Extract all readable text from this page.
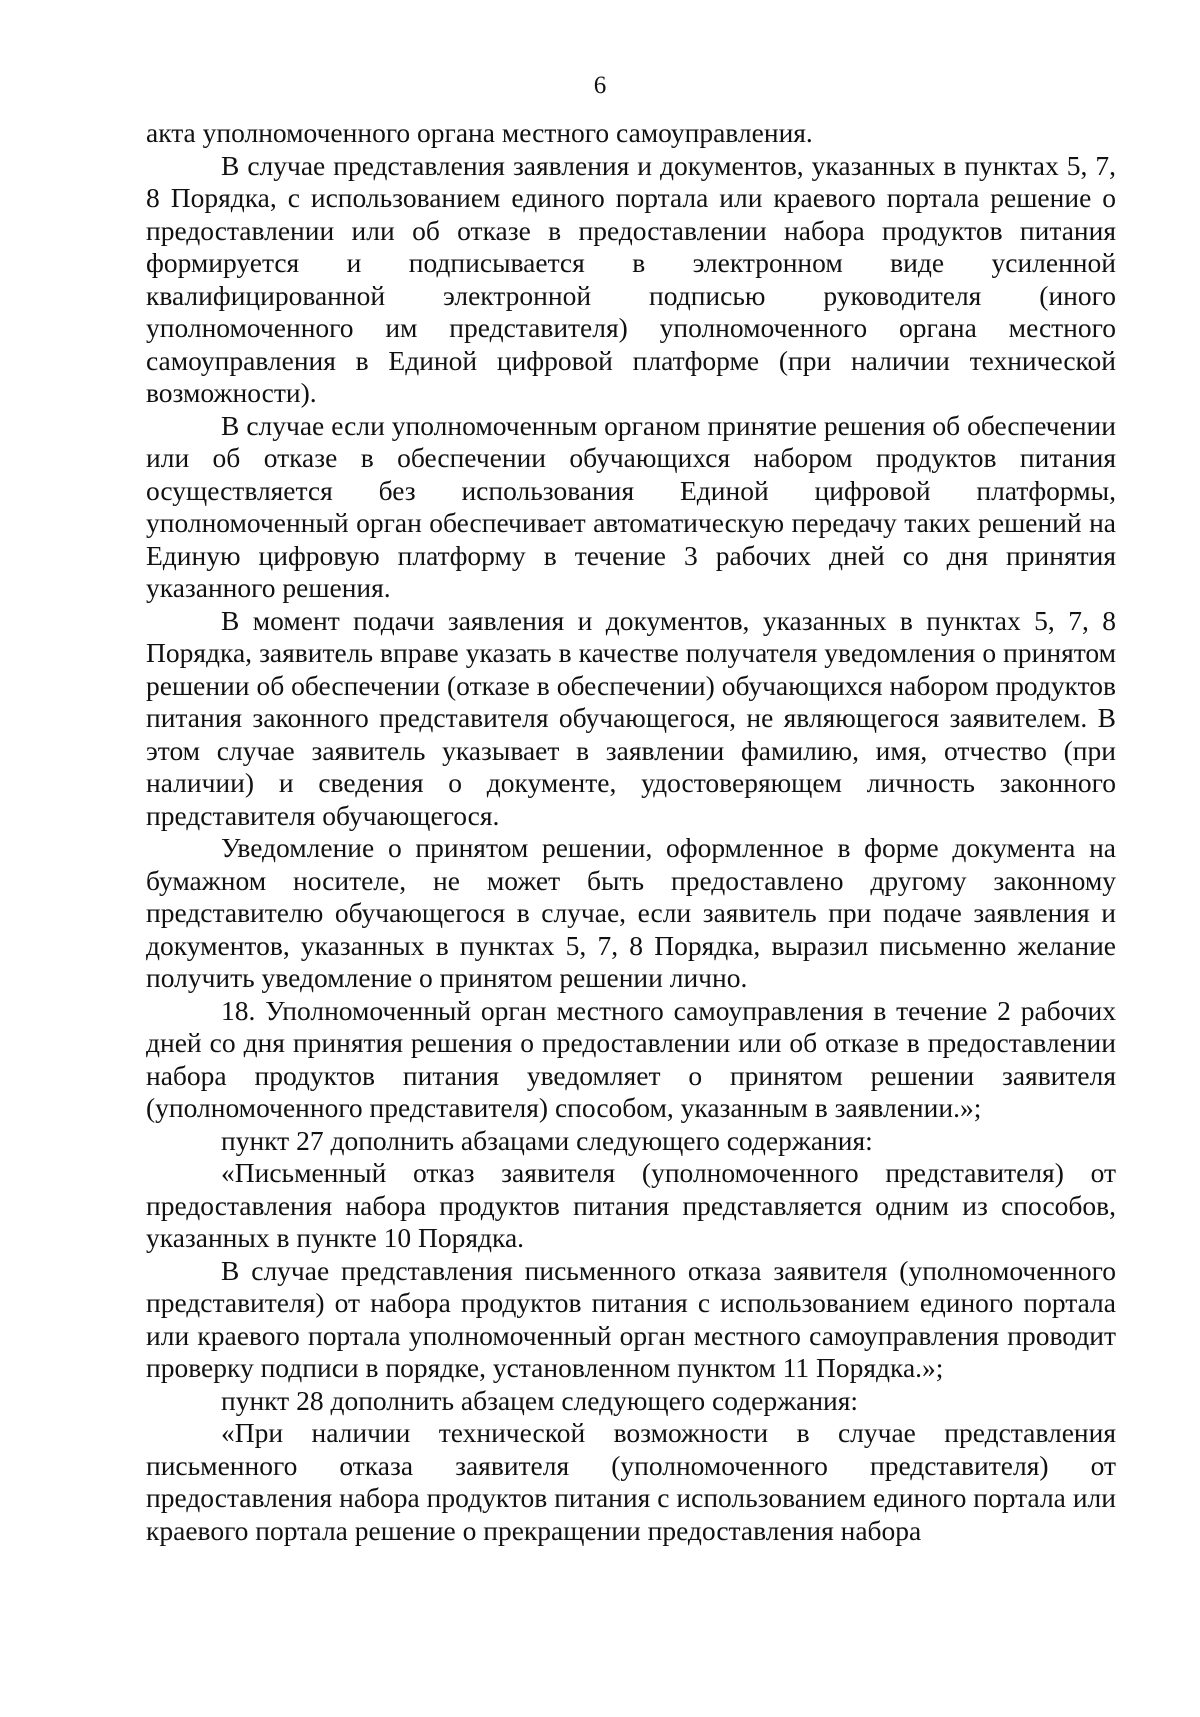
6

акта уполномоченного органа местного самоуправления.

В случае представления заявления и документов, указанных в пунктах 5, 7, 8 Порядка, с использованием единого портала или краевого портала решение о предоставлении или об отказе в предоставлении набора продуктов питания формируется и подписывается в электронном виде усиленной квалифицированной электронной подписью руководителя (иного уполномоченного им представителя) уполномоченного органа местного самоуправления в Единой цифровой платформе (при наличии технической возможности).

В случае если уполномоченным органом принятие решения об обеспечении или об отказе в обеспечении обучающихся набором продуктов питания осуществляется без использования Единой цифровой платформы, уполномоченный орган обеспечивает автоматическую передачу таких решений на Единую цифровую платформу в течение 3 рабочих дней со дня принятия указанного решения.

В момент подачи заявления и документов, указанных в пунктах 5, 7, 8 Порядка, заявитель вправе указать в качестве получателя уведомления о принятом решении об обеспечении (отказе в обеспечении) обучающихся набором продуктов питания законного представителя обучающегося, не являющегося заявителем. В этом случае заявитель указывает в заявлении фамилию, имя, отчество (при наличии) и сведения о документе, удостоверяющем личность законного представителя обучающегося.

Уведомление о принятом решении, оформленное в форме документа на бумажном носителе, не может быть предоставлено другому законному представителю обучающегося в случае, если заявитель при подаче заявления и документов, указанных в пунктах 5, 7, 8 Порядка, выразил письменно желание получить уведомление о принятом решении лично.

18. Уполномоченный орган местного самоуправления в течение 2 рабочих дней со дня принятия решения о предоставлении или об отказе в предоставлении набора продуктов питания уведомляет о принятом решении заявителя (уполномоченного представителя) способом, указанным в заявлении.»;

пункт 27 дополнить абзацами следующего содержания:

«Письменный отказ заявителя (уполномоченного представителя) от предоставления набора продуктов питания представляется одним из способов, указанных в пункте 10 Порядка.

В случае представления письменного отказа заявителя (уполномоченного представителя) от набора продуктов питания с использованием единого портала или краевого портала уполномоченный орган местного самоуправления проводит проверку подписи в порядке, установленном пунктом 11 Порядка.»;

пункт 28 дополнить абзацем следующего содержания:

«При наличии технической возможности в случае представления письменного отказа заявителя (уполномоченного представителя) от предоставления набора продуктов питания с использованием единого портала или краевого портала решение о прекращении предоставления набора
